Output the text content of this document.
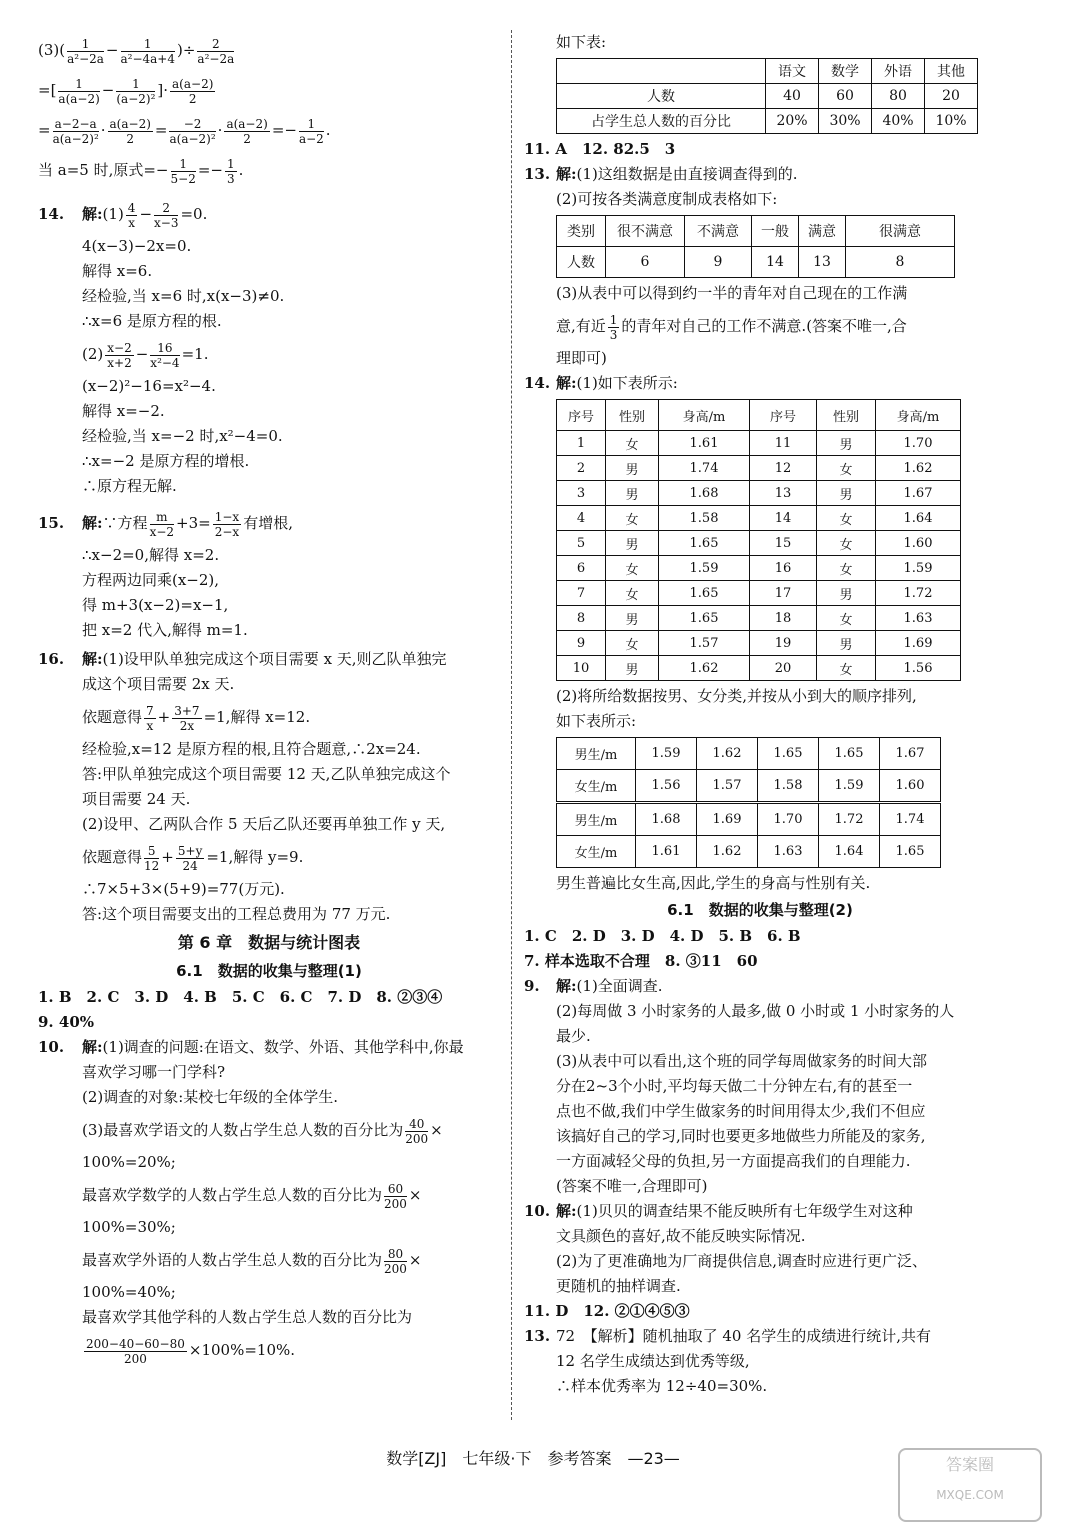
$(3)( \frac{1}{\text{a²−2a}} - \frac{1}{\text{a²−4a+4}}$ )÷ $\frac{2}{\text{a²−2a}}$
=[ $\frac{1}{a(a-2)} - \frac{1}{\text{(a−2)²}}$ ]· $\frac{a(a-2)}{2}$
= $\frac{a-2-a}{\text{a(a−2)²}} \cdot \frac{a(a-2)}{2} = \frac{-2}{\text{a(a−2)²}} \cdot \frac{a(a-2)}{2} =- \frac{1}{a-2}$ .
当 a=5 时,原式=− $\frac{1}{5-2} =- \frac{1}{3}$ .
14. 解:(1) $\frac{4}{x} - \frac{2}{x-3} =0$.
4(x−3)−2x=0.
解得 x=6.
经检验,当 x=6 时,x(x−3)≠0.
∴x=6 是原方程的根.
$(2) \frac{x-2}{x+2} - \frac{16}{\text{x²−4}} =1$.
(x−2)²−16=x²−4.
解得 x=−2.
经检验,当 x=−2 时,x²−4=0.
∴x=−2 是原方程的增根.
∴原方程无解.
15. 解:∵方程 $\frac{m}{x-2} +3= \frac{1-x}{2-x}$ 有增根,
∴x−2=0,解得 x=2.
方程两边同乘(x−2),
得 m+3(x−2)=x−1,
把 x=2 代入,解得 m=1.
16. 解:(1)设甲队单独完成这个项目需要 x 天,则乙队单独完
成这个项目需要 2x 天.
依题意得 $\frac{7}{x} + \frac{3+7}{2x} =1$,解得 x=12.
经检验,x=12 是原方程的根,且符合题意,∴2x=24.
答:甲队单独完成这个项目需要 12 天,乙队单独完成这个
项目需要 24 天.
(2)设甲、乙两队合作 5 天后乙队还要再单独工作 y 天,
依题意得 $\frac{5}{12} + \frac{5+y}{24} =1$,解得 y=9.
∴7×5+3×(5+9)=77(万元).
答:这个项目需要支出的工程总费用为 77 万元.
第 6 章　数据与统计图表
6.1　数据的收集与整理(1)
1. B　2. C　3. D　4. B　5. C　6. C　7. D　8. ②③④
9. 40%
10. 解:(1)调查的问题:在语文、数学、外语、其他学科中,你最
喜欢学习哪一门学科?
(2)调查的对象:某校七年级的全体学生.
(3)最喜欢学语文的人数占学生总人数的百分比为 $\frac{40}{200}$ ×
100%=20%;
最喜欢学数学的人数占学生总人数的百分比为 $\frac{60}{200}$ ×
100%=30%;
最喜欢学外语的人数占学生总人数的百分比为 $\frac{80}{200}$ ×
100%=40%;
最喜欢学其他学科的人数占学生总人数的百分比为
$\frac{200-40-60-80}{200} \times 100\%=10\%$.
如下表:
	语文	数学	外语	其他
人数	40	60	80	20
占学生总人数的百分比	20%	30%	40%	10%
11. A　12. 82.5　3
13. 解:(1)这组数据是由直接调查得到的.
(2)可按各类满意度制成表格如下:
类别	很不满意	不满意	一般	满意	很满意
人数	6	9	14	13	8
(3)从表中可以得到约一半的青年对自己现在的工作满
意,有近 $\frac{1}{3}$ 的青年对自己的工作不满意.(答案不唯一,合
理即可)
14. 解:(1)如下表所示:
序号	性别	身高/m	序号	性别	身高/m
1	女	1.61	11	男	1.70
2	男	1.74	12	女	1.62
3	男	1.68	13	男	1.67
4	女	1.58	14	女	1.64
5	男	1.65	15	女	1.60
6	女	1.59	16	女	1.59
7	女	1.65	17	男	1.72
8	男	1.65	18	女	1.63
9	女	1.57	19	男	1.69
10	男	1.62	20	女	1.56
(2)将所给数据按男、女分类,并按从小到大的顺序排列,
如下表所示:
男生/m	1.59	1.62	1.65	1.65	1.67
女生/m	1.56	1.57	1.58	1.59	1.60
男生/m	1.68	1.69	1.70	1.72	1.74
女生/m	1.61	1.62	1.63	1.64	1.65
男生普遍比女生高,因此,学生的身高与性别有关.
6.1　数据的收集与整理(2)
1. C　2. D　3. D　4. D　5. B　6. B
7. 样本选取不合理　8. ③11　60
9. 解:(1)全面调查.
(2)每周做 3 小时家务的人最多,做 0 小时或 1 小时家务的人
最少.
(3)从表中可以看出,这个班的同学每周做家务的时间大部
分在2~3个小时,平均每天做二十分钟左右,有的甚至一
点也不做,我们中学生做家务的时间用得太少,我们不但应
该搞好自己的学习,同时也要更多地做些力所能及的家务,
一方面减轻父母的负担,另一方面提高我们的自理能力.
(答案不唯一,合理即可)
10. 解:(1)贝贝的调查结果不能反映所有七年级学生对这种
文具颜色的喜好,故不能反映实际情况.
(2)为了更准确地为厂商提供信息,调查时应进行更广泛、
更随机的抽样调查.
11. D　12. ②①④⑤③
13. 72　【解析】随机抽取了 40 名学生的成绩进行统计,共有
12 名学生成绩达到优秀等级,
∴样本优秀率为 12÷40=30%.
数学[ZJ]　七年级·下　参考答案　—23—	答案圈
MXQE.COM
